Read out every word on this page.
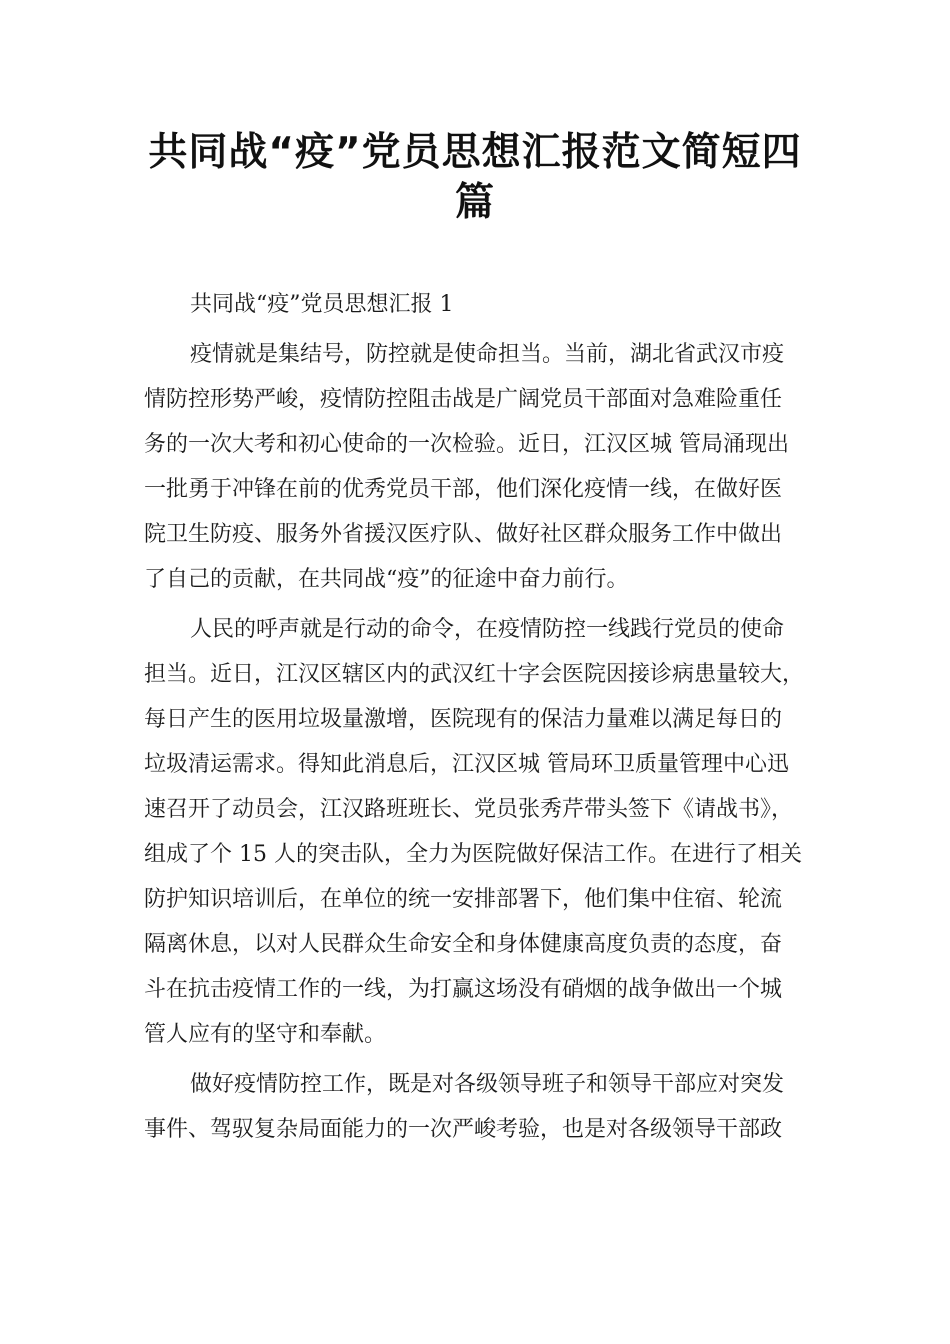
共同战“疫”党员思想汇报范文简短四
篇
共同战“疫”党员思想汇报 1
疫情就是集结号，防控就是使命担当。当前，湖北省武汉市疫
情防控形势严峻，疫情防控阻击战是广阔党员干部面对急难险重任
务的一次大考和初心使命的一次检验。近日，江汉区城 管局涌现出
一批勇于冲锋在前的优秀党员干部，他们深化疫情一线，在做好医
院卫生防疫、服务外省援汉医疗队、做好社区群众服务工作中做出
了自己的贡献，在共同战“疫”的征途中奋力前行。
人民的呼声就是行动的命令，在疫情防控一线践行党员的使命
担当。近日，江汉区辖区内的武汉红十字会医院因接诊病患量较大，
每日产生的医用垃圾量激增，医院现有的保洁力量难以满足每日的
垃圾清运需求。得知此消息后，江汉区城 管局环卫质量管理中心迅
速召开了动员会，江汉路班班长、党员张秀芹带头签下《请战书》，
组成了个 15 人的突击队，全力为医院做好保洁工作。在进行了相关
防护知识培训后，在单位的统一安排部署下，他们集中住宿、轮流
隔离休息，以对人民群众生命安全和身体健康高度负责的态度，奋
斗在抗击疫情工作的一线，为打赢这场没有硝烟的战争做出一个城
管人应有的坚守和奉献。
做好疫情防控工作，既是对各级领导班子和领导干部应对突发
事件、驾驭复杂局面能力的一次严峻考验，也是对各级领导干部政
